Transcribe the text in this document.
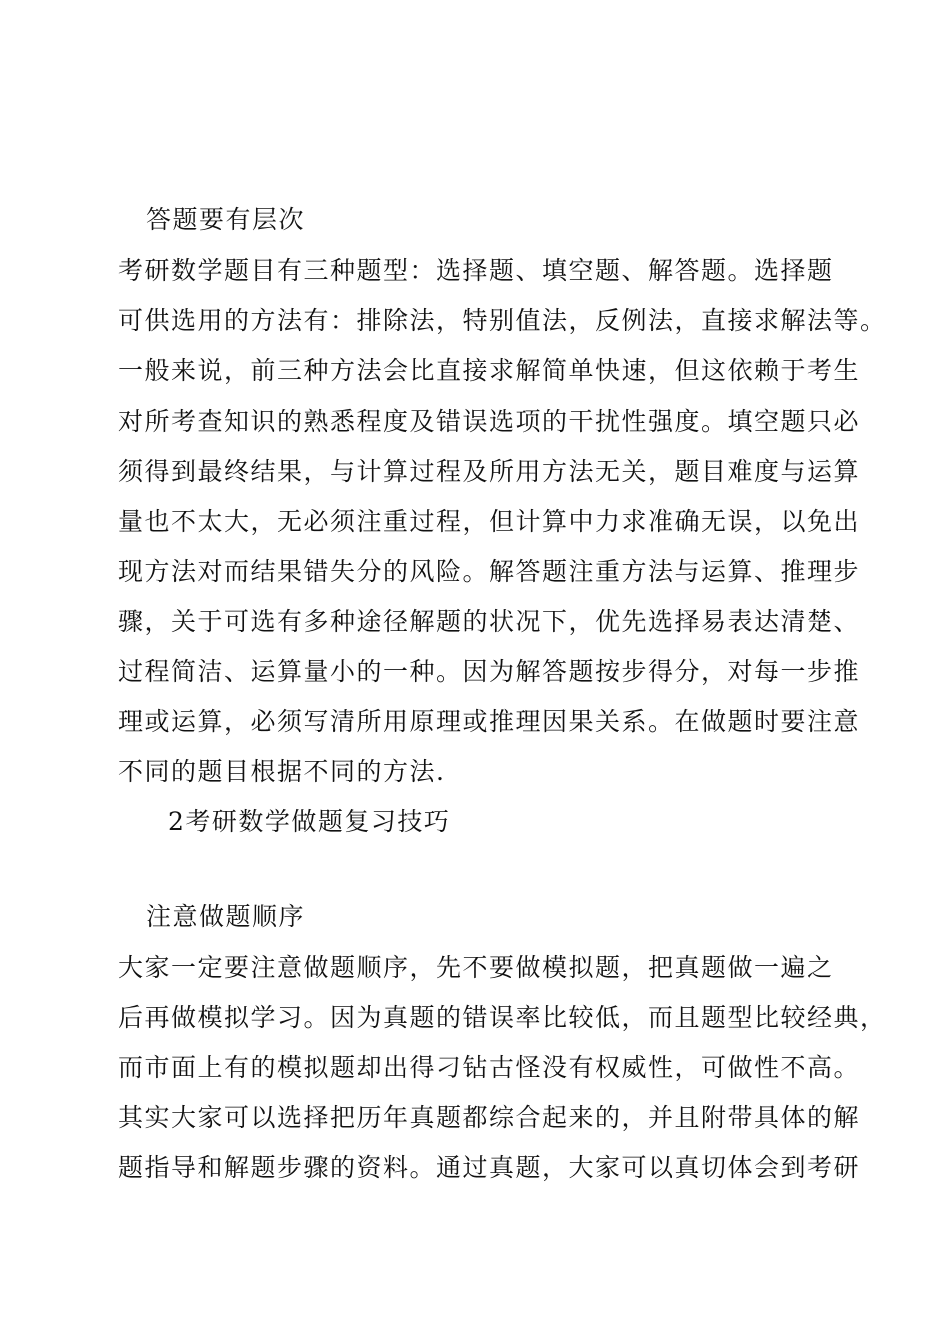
答题要有层次
考研数学题目有三种题型：选择题、填空题、解答题。选择题
可供选用的方法有：排除法，特别值法，反例法，直接求解法等。
一般来说，前三种方法会比直接求解简单快速，但这依赖于考生
对所考查知识的熟悉程度及错误选项的干扰性强度。填空题只必
须得到最终结果，与计算过程及所用方法无关，题目难度与运算
量也不太大，无必须注重过程，但计算中力求准确无误，以免出
现方法对而结果错失分的风险。解答题注重方法与运算、推理步
骤，关于可选有多种途径解题的状况下，优先选择易表达清楚、
过程简洁、运算量小的一种。因为解答题按步得分，对每一步推
理或运算，必须写清所用原理或推理因果关系。在做题时要注意
不同的题目根据不同的方法.
2考研数学做题复习技巧
注意做题顺序
大家一定要注意做题顺序，先不要做模拟题，把真题做一遍之
后再做模拟学习。因为真题的错误率比较低，而且题型比较经典，
而市面上有的模拟题却出得刁钻古怪没有权威性，可做性不高。
其实大家可以选择把历年真题都综合起来的，并且附带具体的解
题指导和解题步骤的资料。通过真题，大家可以真切体会到考研
